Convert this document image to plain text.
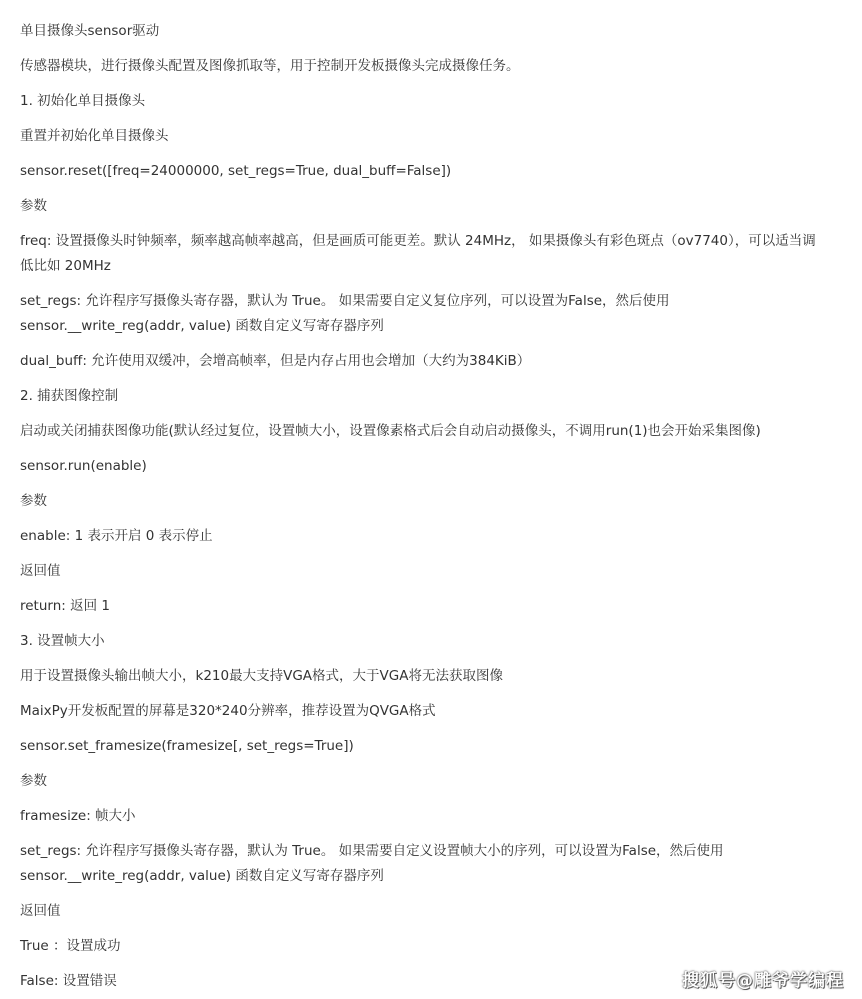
单目摄像头sensor驱动
传感器模块，进行摄像头配置及图像抓取等，用于控制开发板摄像头完成摄像任务。
1. 初始化单目摄像头
重置并初始化单目摄像头
sensor.reset([freq=24000000, set_regs=True, dual_buff=False])
参数
freq: 设置摄像头时钟频率，频率越高帧率越高，但是画质可能更差。默认 24MHz， 如果摄像头有彩色斑点（ov7740），可以适当调
低比如 20MHz
set_regs: 允许程序写摄像头寄存器，默认为 True。 如果需要自定义复位序列，可以设置为False，然后使用
sensor.__write_reg(addr, value) 函数自定义写寄存器序列
dual_buff: 允许使用双缓冲，会增高帧率，但是内存占用也会增加（大约为384KiB）
2. 捕获图像控制
启动或关闭捕获图像功能(默认经过复位，设置帧大小，设置像素格式后会自动启动摄像头，不调用run(1)也会开始采集图像)
sensor.run(enable)
参数
enable: 1 表示开启 0 表示停止
返回值
return: 返回 1
3. 设置帧大小
用于设置摄像头输出帧大小，k210最大支持VGA格式，大于VGA将无法获取图像
MaixPy开发板配置的屏幕是320*240分辨率，推荐设置为QVGA格式
sensor.set_framesize(framesize[, set_regs=True])
参数
framesize: 帧大小
set_regs: 允许程序写摄像头寄存器，默认为 True。 如果需要自定义设置帧大小的序列，可以设置为False，然后使用
sensor.__write_reg(addr, value) 函数自定义写寄存器序列
返回值
True ：设置成功
False: 设置错误	搜狐号@雕爷学编程
